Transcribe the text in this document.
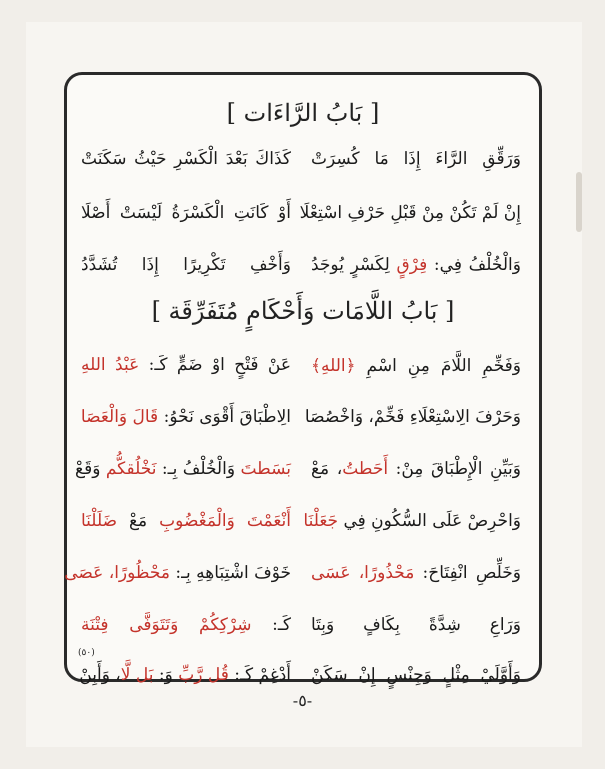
[ بَابُ الرَّاءَات ]
وَرَقِّقِ الرَّاءَ إِذَا مَا كُسِرَتْ
كَذَاكَ بَعْدَ الْكَسْرِ حَيْثُ سَكَنَتْ
إِنْ لَمْ تَكُنْ مِنْ قَبْلِ حَرْفِ اسْتِعْلَا
أَوْ كَانَتِ الْكَسْرَةُ لَيْسَتْ أَصْلَا
وَالْخُلْفُ فِي: فِرْقٍ لِكَسْرٍ يُوجَدُ
وَأَخْفِ تَكْرِيرًا إِذَا تُشَدَّدُ
[ بَابُ اللَّامَات وَأَحْكَامٍ مُتَفَرِّقَة ]
وَفَخِّمِ اللَّامَ مِنِ اسْمِ ﴿اللهِ﴾
عَنْ فَتْحٍ اوْ ضَمٍّ كَـ: عَبْدُ اللهِ
وَحَرْفَ الِاسْتِعْلَاءِ فَخِّمْ، وَاخْصُصَا
الِاطْبَاقَ أَقْوَى نَحْوُ: قَالَ وَالْعَصَا
وَبَيِّنِ الْإِطْبَاقَ مِنْ: أَحَطتُ، مَعْ
بَسَطتَ وَالْخُلْفُ بِـ: نَخْلُقكُّم وَقَعْ
وَاحْرِصْ عَلَى السُّكُونِ فِي جَعَلْنَا
أَنْعَمْتَ وَالْمَغْضُوبِ مَعْ ضَلَلْنَا
وَخَلِّصِ انْفِتَاحَ: مَحْذُورًا، عَسَى
خَوْفَ اشْتِبَاهِهِ بِـ: مَحْظُورًا، عَصَى
وَرَاعِ شِدَّةً بِكَافٍ وَبِتَا
كَـ: شِرْكِكُمْ وَتَتَوَفَّى فِتْنَة
وَأَوَّلَيْ مِثْلٍ وَجِنْسٍ إِنْ سَكَنْ
أَدْغِمْ كَـ: قُل رَّبِّ وَ: بَل لَّا، وَأَبِنْ
(٥٠)
-٥-
